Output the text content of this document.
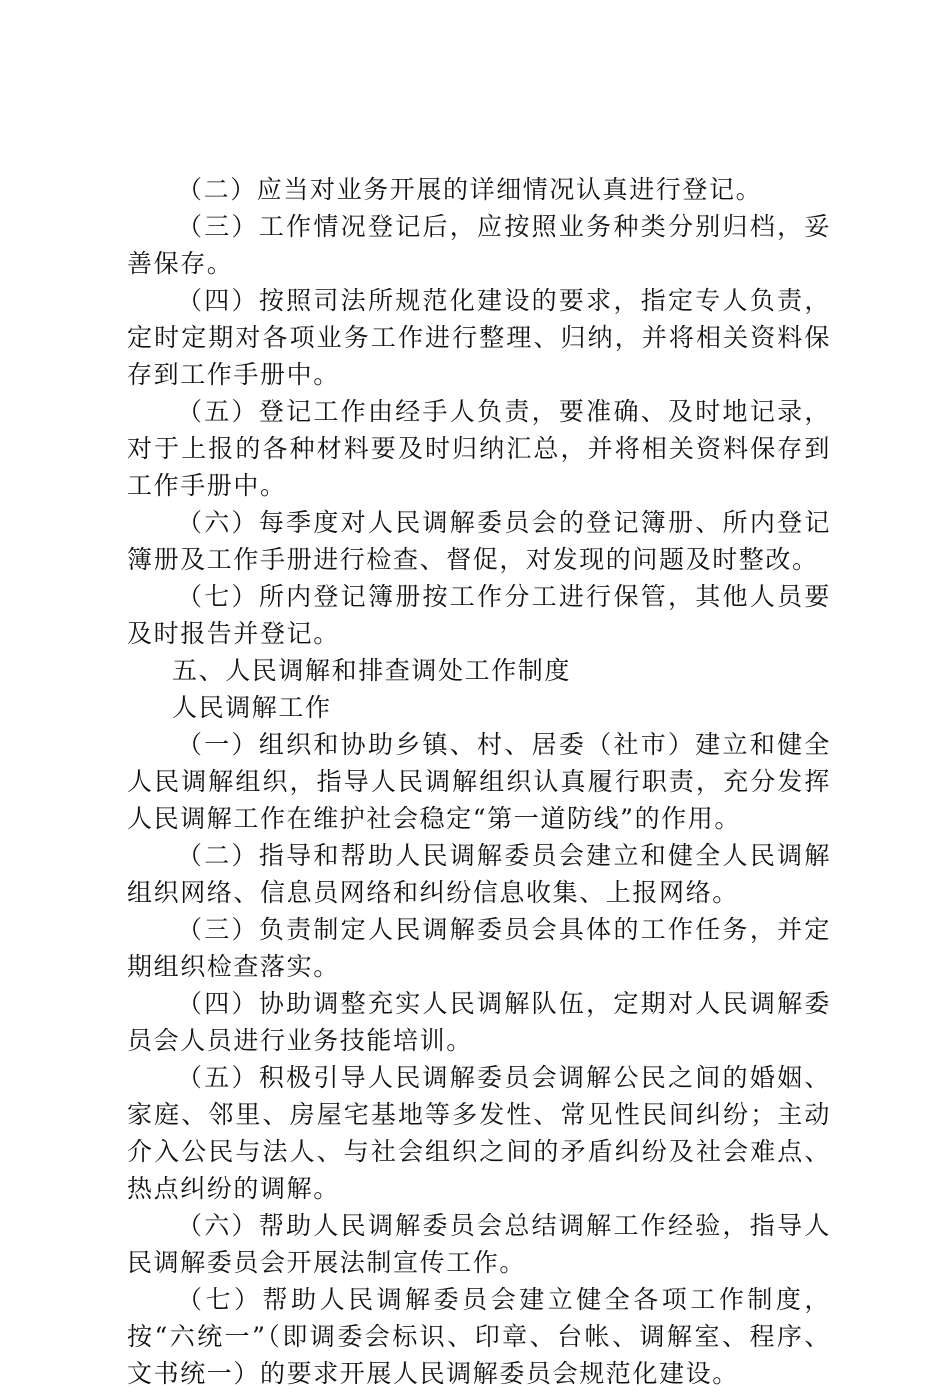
（二）应当对业务开展的详细情况认真进行登记。

（三）工作情况登记后，应按照业务种类分别归档，妥善保存。

（四）按照司法所规范化建设的要求，指定专人负责，定时定期对各项业务工作进行整理、归纳，并将相关资料保存到工作手册中。

（五）登记工作由经手人负责，要准确、及时地记录，对于上报的各种材料要及时归纳汇总，并将相关资料保存到工作手册中。

（六）每季度对人民调解委员会的登记簿册、所内登记簿册及工作手册进行检查、督促，对发现的问题及时整改。

（七）所内登记簿册按工作分工进行保管，其他人员要及时报告并登记。

五、人民调解和排查调处工作制度

人民调解工作

（一）组织和协助乡镇、村、居委（社市）建立和健全人民调解组织，指导人民调解组织认真履行职责，充分发挥人民调解工作在维护社会稳定“第一道防线”的作用。

（二）指导和帮助人民调解委员会建立和健全人民调解组织网络、信息员网络和纠纷信息收集、上报网络。

（三）负责制定人民调解委员会具体的工作任务，并定期组织检查落实。

（四）协助调整充实人民调解队伍，定期对人民调解委员会人员进行业务技能培训。

（五）积极引导人民调解委员会调解公民之间的婚姻、家庭、邻里、房屋宅基地等多发性、常见性民间纠纷；主动介入公民与法人、与社会组织之间的矛盾纠纷及社会难点、热点纠纷的调解。

（六）帮助人民调解委员会总结调解工作经验，指导人民调解委员会开展法制宣传工作。

（七）帮助人民调解委员会建立健全各项工作制度，按“六统一”（即调委会标识、印章、台帐、调解室、程序、文书统一）的要求开展人民调解委员会规范化建设。
